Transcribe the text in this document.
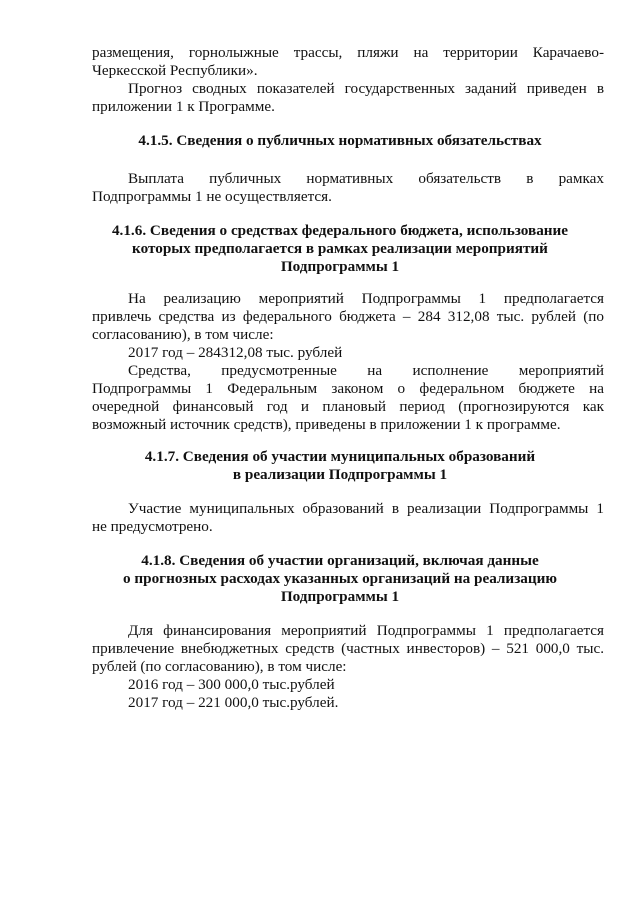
размещения, горнолыжные трассы, пляжи на территории Карачаево-
Черкесской Республики».
Прогноз сводных показателей государственных заданий приведен в
приложении 1 к Программе.
4.1.5. Сведения о публичных нормативных обязательствах
Выплата публичных нормативных обязательств в рамках
Подпрограммы 1 не осуществляется.
4.1.6. Сведения о средствах федерального бюджета, использование
которых предполагается в рамках реализации мероприятий
Подпрограммы 1
На реализацию мероприятий Подпрограммы 1 предполагается
привлечь средства из федерального бюджета – 284 312,08 тыс. рублей (по
согласованию), в том числе:
2017 год – 284312,08 тыс. рублей
Средства, предусмотренные на исполнение мероприятий
Подпрограммы 1 Федеральным законом о федеральном бюджете на
очередной финансовый год и плановый период (прогнозируются как
возможный источник средств), приведены в приложении 1 к программе.
4.1.7. Сведения об участии муниципальных образований
в реализации Подпрограммы 1
Участие муниципальных образований в реализации Подпрограммы 1
не предусмотрено.
4.1.8. Сведения об участии организаций, включая данные
о прогнозных расходах указанных организаций на реализацию
Подпрограммы 1
Для финансирования мероприятий Подпрограммы 1 предполагается
привлечение внебюджетных средств (частных инвесторов) – 521 000,0 тыс.
рублей (по согласованию), в том числе:
2016 год – 300 000,0 тыс.рублей
2017 год – 221 000,0 тыс.рублей.
